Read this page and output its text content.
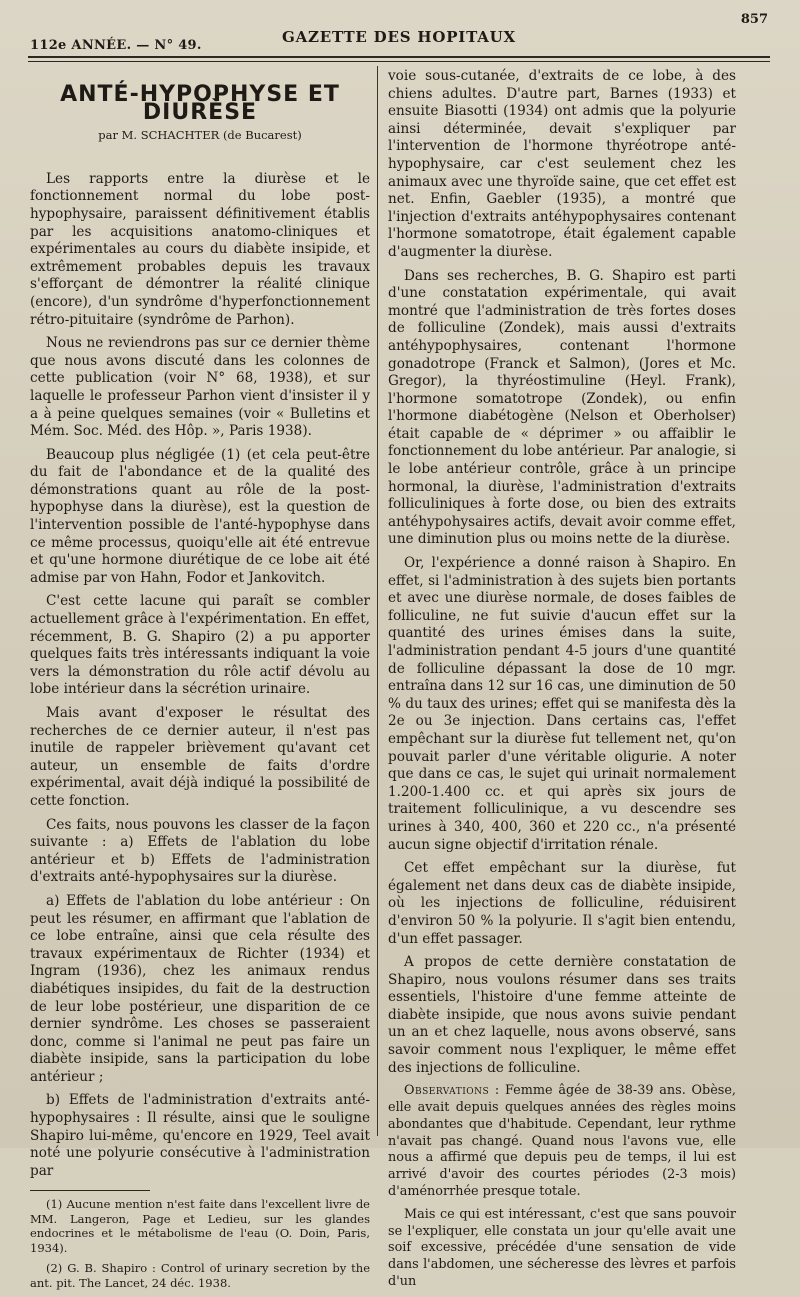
857
GAZETTE DES HOPITAUX
112e ANNÉE. — N° 49.
ANTÉ-HYPOPHYSE ET DIURÈSE
par M. SCHACHTER (de Bucarest)

Les rapports entre la diurèse et le fonctionnement normal du lobe post-hypophysaire, paraissent définitivement établis par les acquisitions anatomo-cliniques et expérimentales au cours du diabète insipide, et extrêmement probables depuis les travaux s'efforçant de démontrer la réalité clinique (encore), d'un syndrôme d'hyperfonctionnement rétro-pituitaire (syndrôme de Parhon).

Nous ne reviendrons pas sur ce dernier thème que nous avons discuté dans les colonnes de cette publication (voir N° 68, 1938), et sur laquelle le professeur Parhon vient d'insister il y a à peine quelques semaines (voir « Bulletins et Mém. Soc. Méd. des Hôp. », Paris 1938).

Beaucoup plus négligée (1) (et cela peut-être du fait de l'abondance et de la qualité des démonstrations quant au rôle de la post-hypophyse dans la diurèse), est la question de l'intervention possible de l'anté-hypophyse dans ce même processus, quoiqu'elle ait été entrevue et qu'une hormone diurétique de ce lobe ait été admise par von Hahn, Fodor et Jankovitch.

C'est cette lacune qui paraît se combler actuellement grâce à l'expérimentation. En effet, récemment, B. G. Shapiro (2) a pu apporter quelques faits très intéressants indiquant la voie vers la démonstration du rôle actif dévolu au lobe intérieur dans la sécrétion urinaire.

Mais avant d'exposer le résultat des recherches de ce dernier auteur, il n'est pas inutile de rappeler brièvement qu'avant cet auteur, un ensemble de faits d'ordre expérimental, avait déjà indiqué la possibilité de cette fonction.

Ces faits, nous pouvons les classer de la façon suivante : a) Effets de l'ablation du lobe antérieur et b) Effets de l'administration d'extraits anté-hypophysaires sur la diurèse.

a) Effets de l'ablation du lobe antérieur : On peut les résumer, en affirmant que l'ablation de ce lobe entraîne, ainsi que cela résulte des travaux expérimentaux de Richter (1934) et Ingram (1936), chez les animaux rendus diabétiques insipides, du fait de la destruction de leur lobe postérieur, une disparition de ce dernier syndrôme. Les choses se passeraient donc, comme si l'animal ne peut pas faire un diabète insipide, sans la participation du lobe antérieur ;

b) Effets de l'administration d'extraits anté-hypophysaires : Il résulte, ainsi que le souligne Shapiro lui-même, qu'encore en 1929, Teel avait noté une polyurie consécutive à l'administration par

(1) Aucune mention n'est faite dans l'excellent livre de MM. Langeron, Page et Ledieu, sur les glandes endocrines et le métabolisme de l'eau (O. Doin, Paris, 1934).

(2) G. B. Shapiro : Control of urinary secretion by the ant. pit. The Lancet, 24 déc. 1938.

voie sous-cutanée, d'extraits de ce lobe, à des chiens adultes. D'autre part, Barnes (1933) et ensuite Biasotti (1934) ont admis que la polyurie ainsi déterminée, devait s'expliquer par l'intervention de l'hormone thyréotrope anté-hypophysaire, car c'est seulement chez les animaux avec une thyroïde saine, que cet effet est net. Enfin, Gaebler (1935), a montré que l'injection d'extraits antéhypophysaires contenant l'hormone somatotrope, était également capable d'augmenter la diurèse.

Dans ses recherches, B. G. Shapiro est parti d'une constatation expérimentale, qui avait montré que l'administration de très fortes doses de folliculine (Zondek), mais aussi d'extraits antéhypophysaires, contenant l'hormone gonadotrope (Franck et Salmon), (Jores et Mc. Gregor), la thyréostimuline (Heyl. Frank), l'hormone somatotrope (Zondek), ou enfin l'hormone diabétogène (Nelson et Oberholser) était capable de « déprimer » ou affaiblir le fonctionnement du lobe antérieur. Par analogie, si le lobe antérieur contrôle, grâce à un principe hormonal, la diurèse, l'administration d'extraits folliculiniques à forte dose, ou bien des extraits antéhypohysaires actifs, devait avoir comme effet, une diminution plus ou moins nette de la diurèse.

Or, l'expérience a donné raison à Shapiro. En effet, si l'administration à des sujets bien portants et avec une diurèse normale, de doses faibles de folliculine, ne fut suivie d'aucun effet sur la quantité des urines émises dans la suite, l'administration pendant 4-5 jours d'une quantité de folliculine dépassant la dose de 10 mgr. entraîna dans 12 sur 16 cas, une diminution de 50 % du taux des urines; effet qui se manifesta dès la 2e ou 3e injection. Dans certains cas, l'effet empêchant sur la diurèse fut tellement net, qu'on pouvait parler d'une véritable oligurie. A noter que dans ce cas, le sujet qui urinait normalement 1.200-1.400 cc. et qui après six jours de traitement folliculinique, a vu descendre ses urines à 340, 400, 360 et 220 cc., n'a présenté aucun signe objectif d'irritation rénale.

Cet effet empêchant sur la diurèse, fut également net dans deux cas de diabète insipide, où les injections de folliculine, réduisirent d'environ 50 % la polyurie. Il s'agit bien entendu, d'un effet passager.

A propos de cette dernière constatation de Shapiro, nous voulons résumer dans ses traits essentiels, l'histoire d'une femme atteinte de diabète insipide, que nous avons suivie pendant un an et chez laquelle, nous avons observé, sans savoir comment nous l'expliquer, le même effet des injections de folliculine.

Observations : Femme âgée de 38-39 ans. Obèse, elle avait depuis quelques années des règles moins abondantes que d'habitude. Cependant, leur rythme n'avait pas changé. Quand nous l'avons vue, elle nous a affirmé que depuis peu de temps, il lui est arrivé d'avoir des courtes périodes (2-3 mois) d'aménorrhée presque totale.

Mais ce qui est intéressant, c'est que sans pouvoir se l'expliquer, elle constata un jour qu'elle avait une soif excessive, précédée d'une sensation de vide dans l'abdomen, une sécheresse des lèvres et parfois d'un
